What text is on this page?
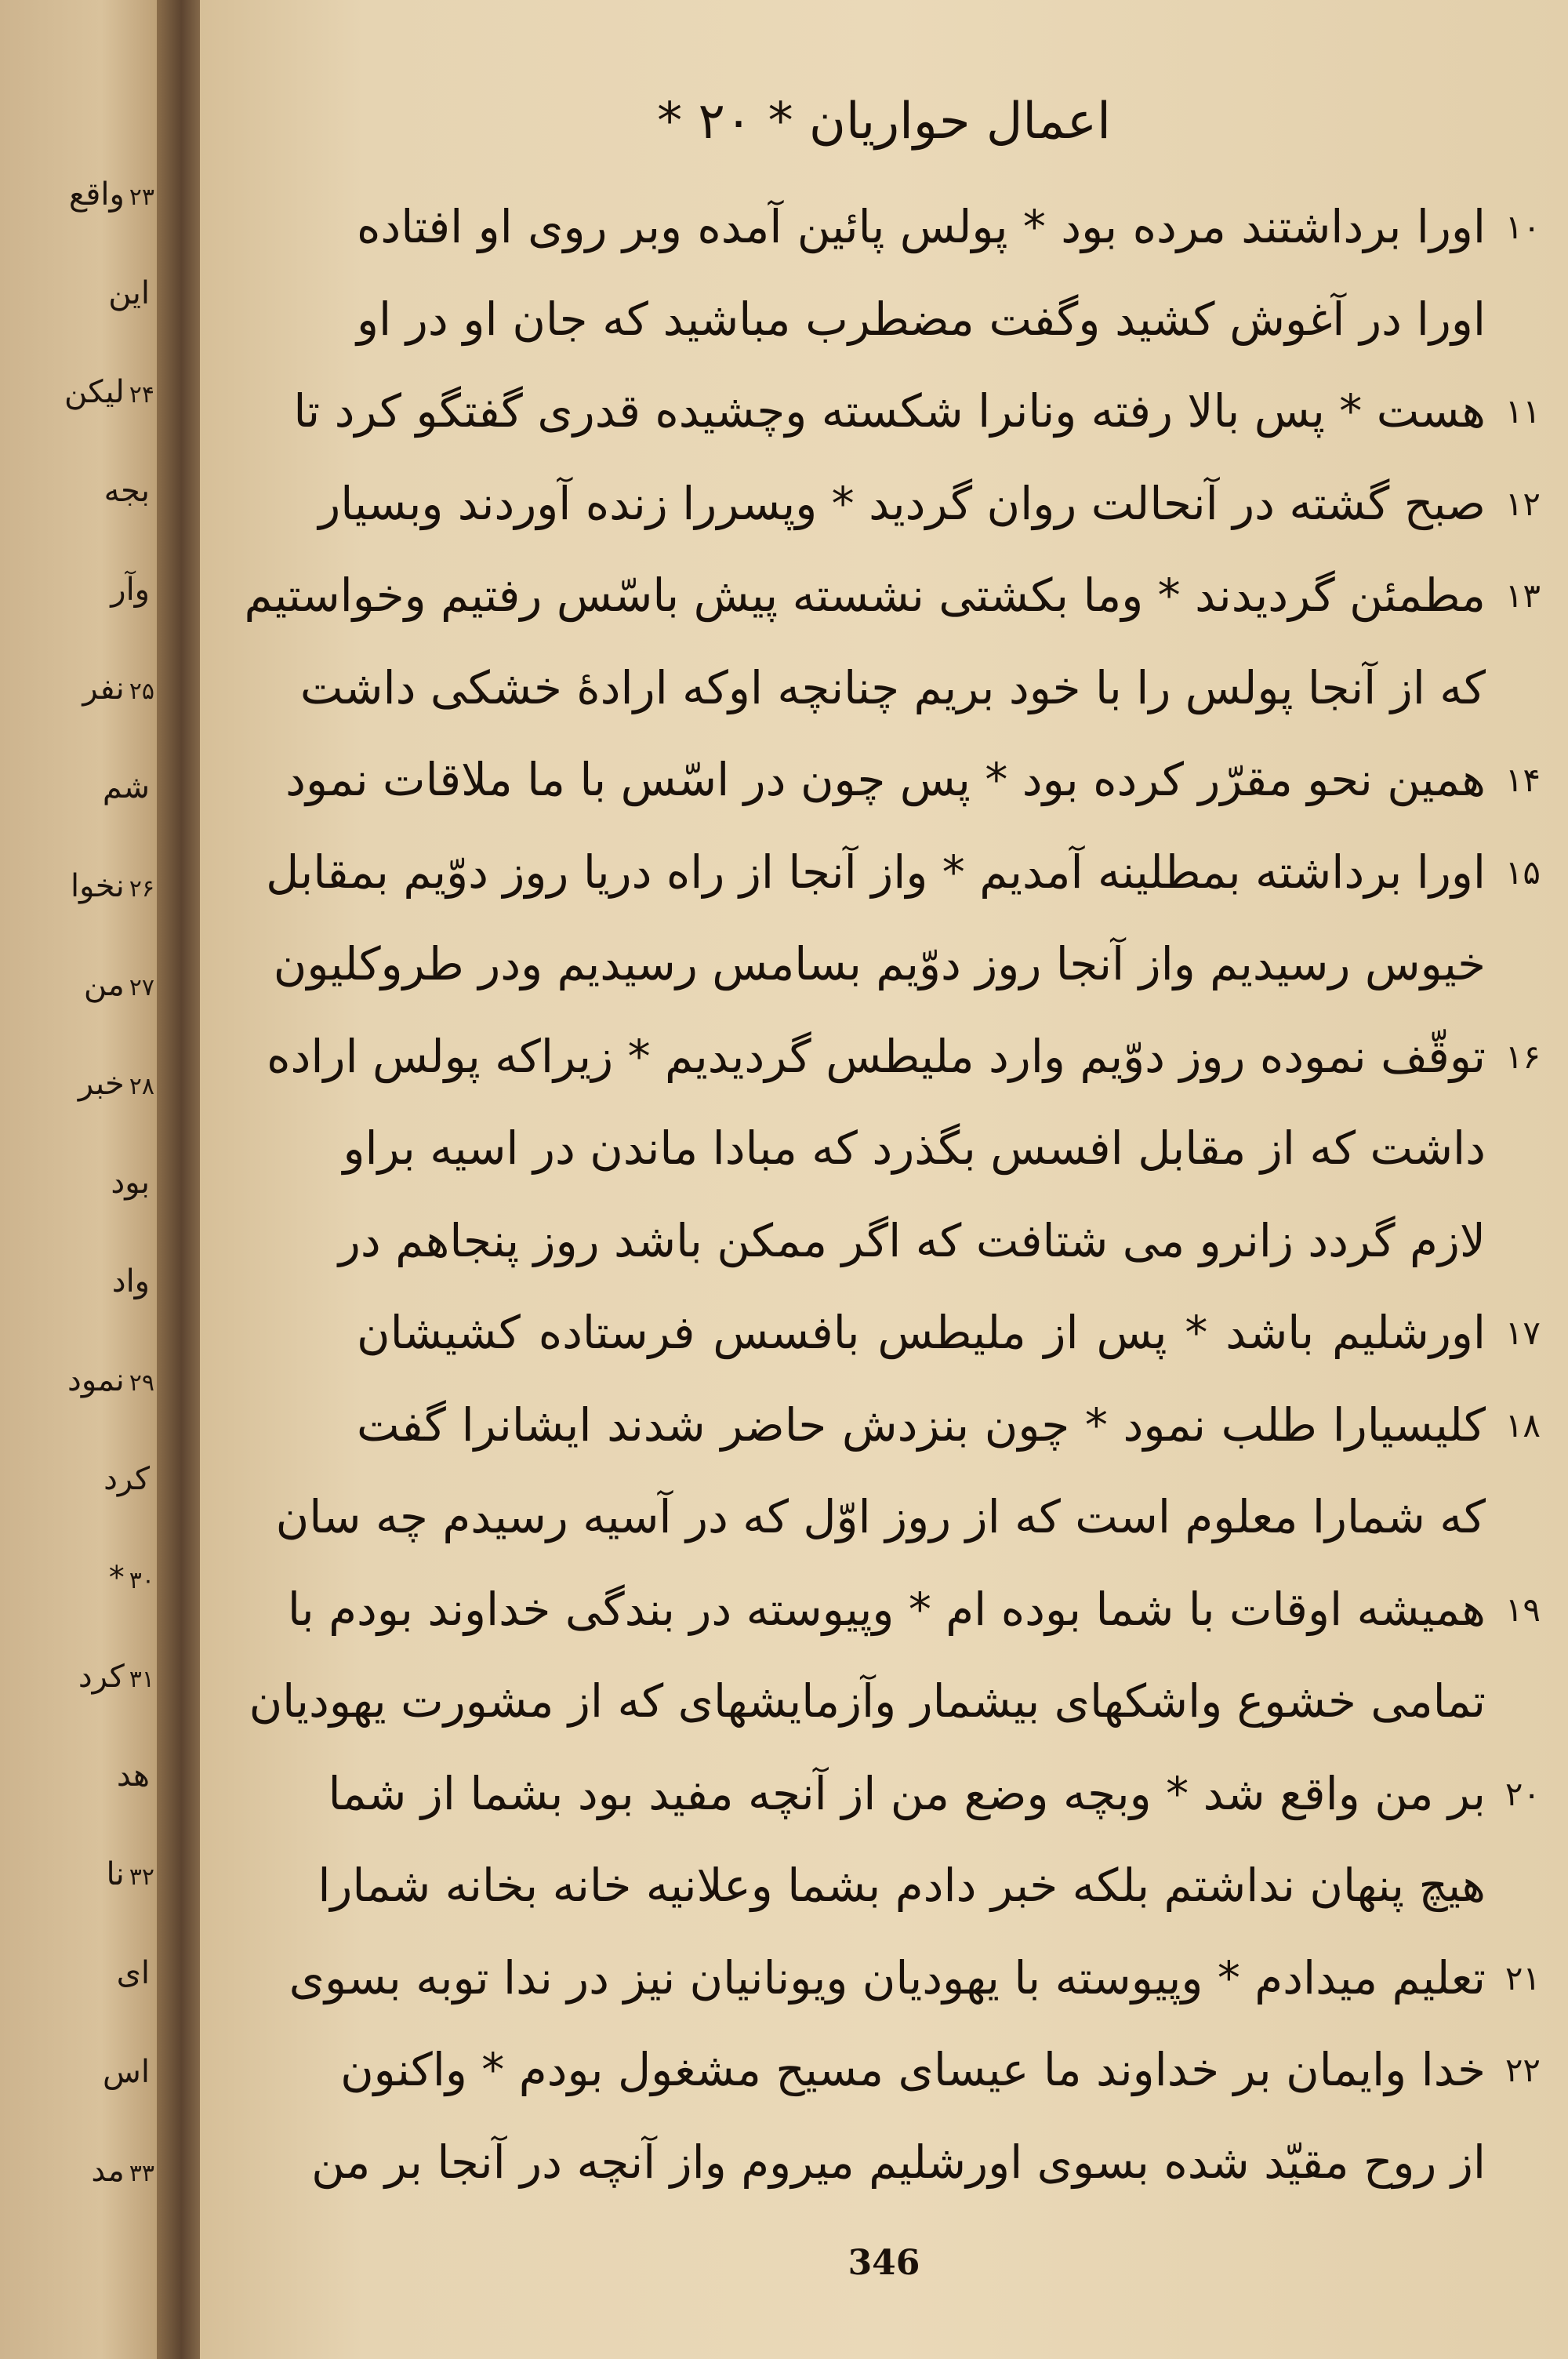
۲۳واقع
این
۲۴لیکن
بجه
وآر
۲۵نفر
شم
۲۶نخوا
۲۷من
۲۸خبر
بود
واد
۲۹نمود
کرد
۳۰*
۳۱کرد
هد
۳۲نا
اى
اس
۳۳مد
اعمال حواریان * ۲۰ *
۱۰
اورا برداشتند مرده بود * پولس پائین آمده وبر روی او افتاده
اورا در آغوش کشید وگفت مضطرب مباشید که جان او در او
۱۱
هست * پس بالا رفته ونانرا شکسته وچشیده قدری گفتگو کرد تا
۱۲
صبح گشته در آنحالت روان گردید * وپسررا زنده آوردند وبسیار
۱۳
مطمئن گردیدند * وما بکشتی نشسته پیش باسّس رفتیم وخواستیم
که از آنجا پولس را با خود بریم چنانچه اوکه ارادهٔ خشکی داشت
۱۴
همین نحو مقرّر کرده بود * پس چون در اسّس با ما ملاقات نمود
۱۵
اورا برداشته بمطلینه آمدیم * واز آنجا از راه دریا روز دوّیم بمقابل
خیوس رسیدیم واز آنجا روز دوّیم بسامس رسیدیم ودر طروکلیون
۱۶
توقّف نموده روز دوّیم وارد ملیطس گردیدیم * زیراکه پولس اراده
داشت که از مقابل افسس بگذرد که مبادا ماندن در اسیه براو
لازم گردد زانرو می شتافت که اگر ممکن باشد روز پنجاهم در
۱۷
اورشلیم باشد * پس از ملیطس بافسس فرستاده کشیشان
۱۸
کلیسیارا طلب نمود * چون بنزدش حاضر شدند ایشانرا گفت
که شمارا معلوم است که از روز اوّل که در آسیه رسیدم چه سان
۱۹
همیشه اوقات با شما بوده ام * وپیوسته در بندگی خداوند بودم با
تمامی خشوع واشکهای بیشمار وآزمایشهای که از مشورت یهودیان
۲۰
بر من واقع شد * وبچه وضع من از آنچه مفید بود بشما از شما
هیچ پنهان نداشتم بلکه خبر دادم بشما وعلانیه خانه بخانه شمارا
۲۱
تعلیم میدادم * وپیوسته با یهودیان ویونانیان نیز در ندا توبه بسوی
۲۲
خدا وایمان بر خداوند ما عیسای مسیح مشغول بودم * واکنون
از روح مقیّد شده بسوی اورشلیم میروم واز آنچه در آنجا بر من
346
